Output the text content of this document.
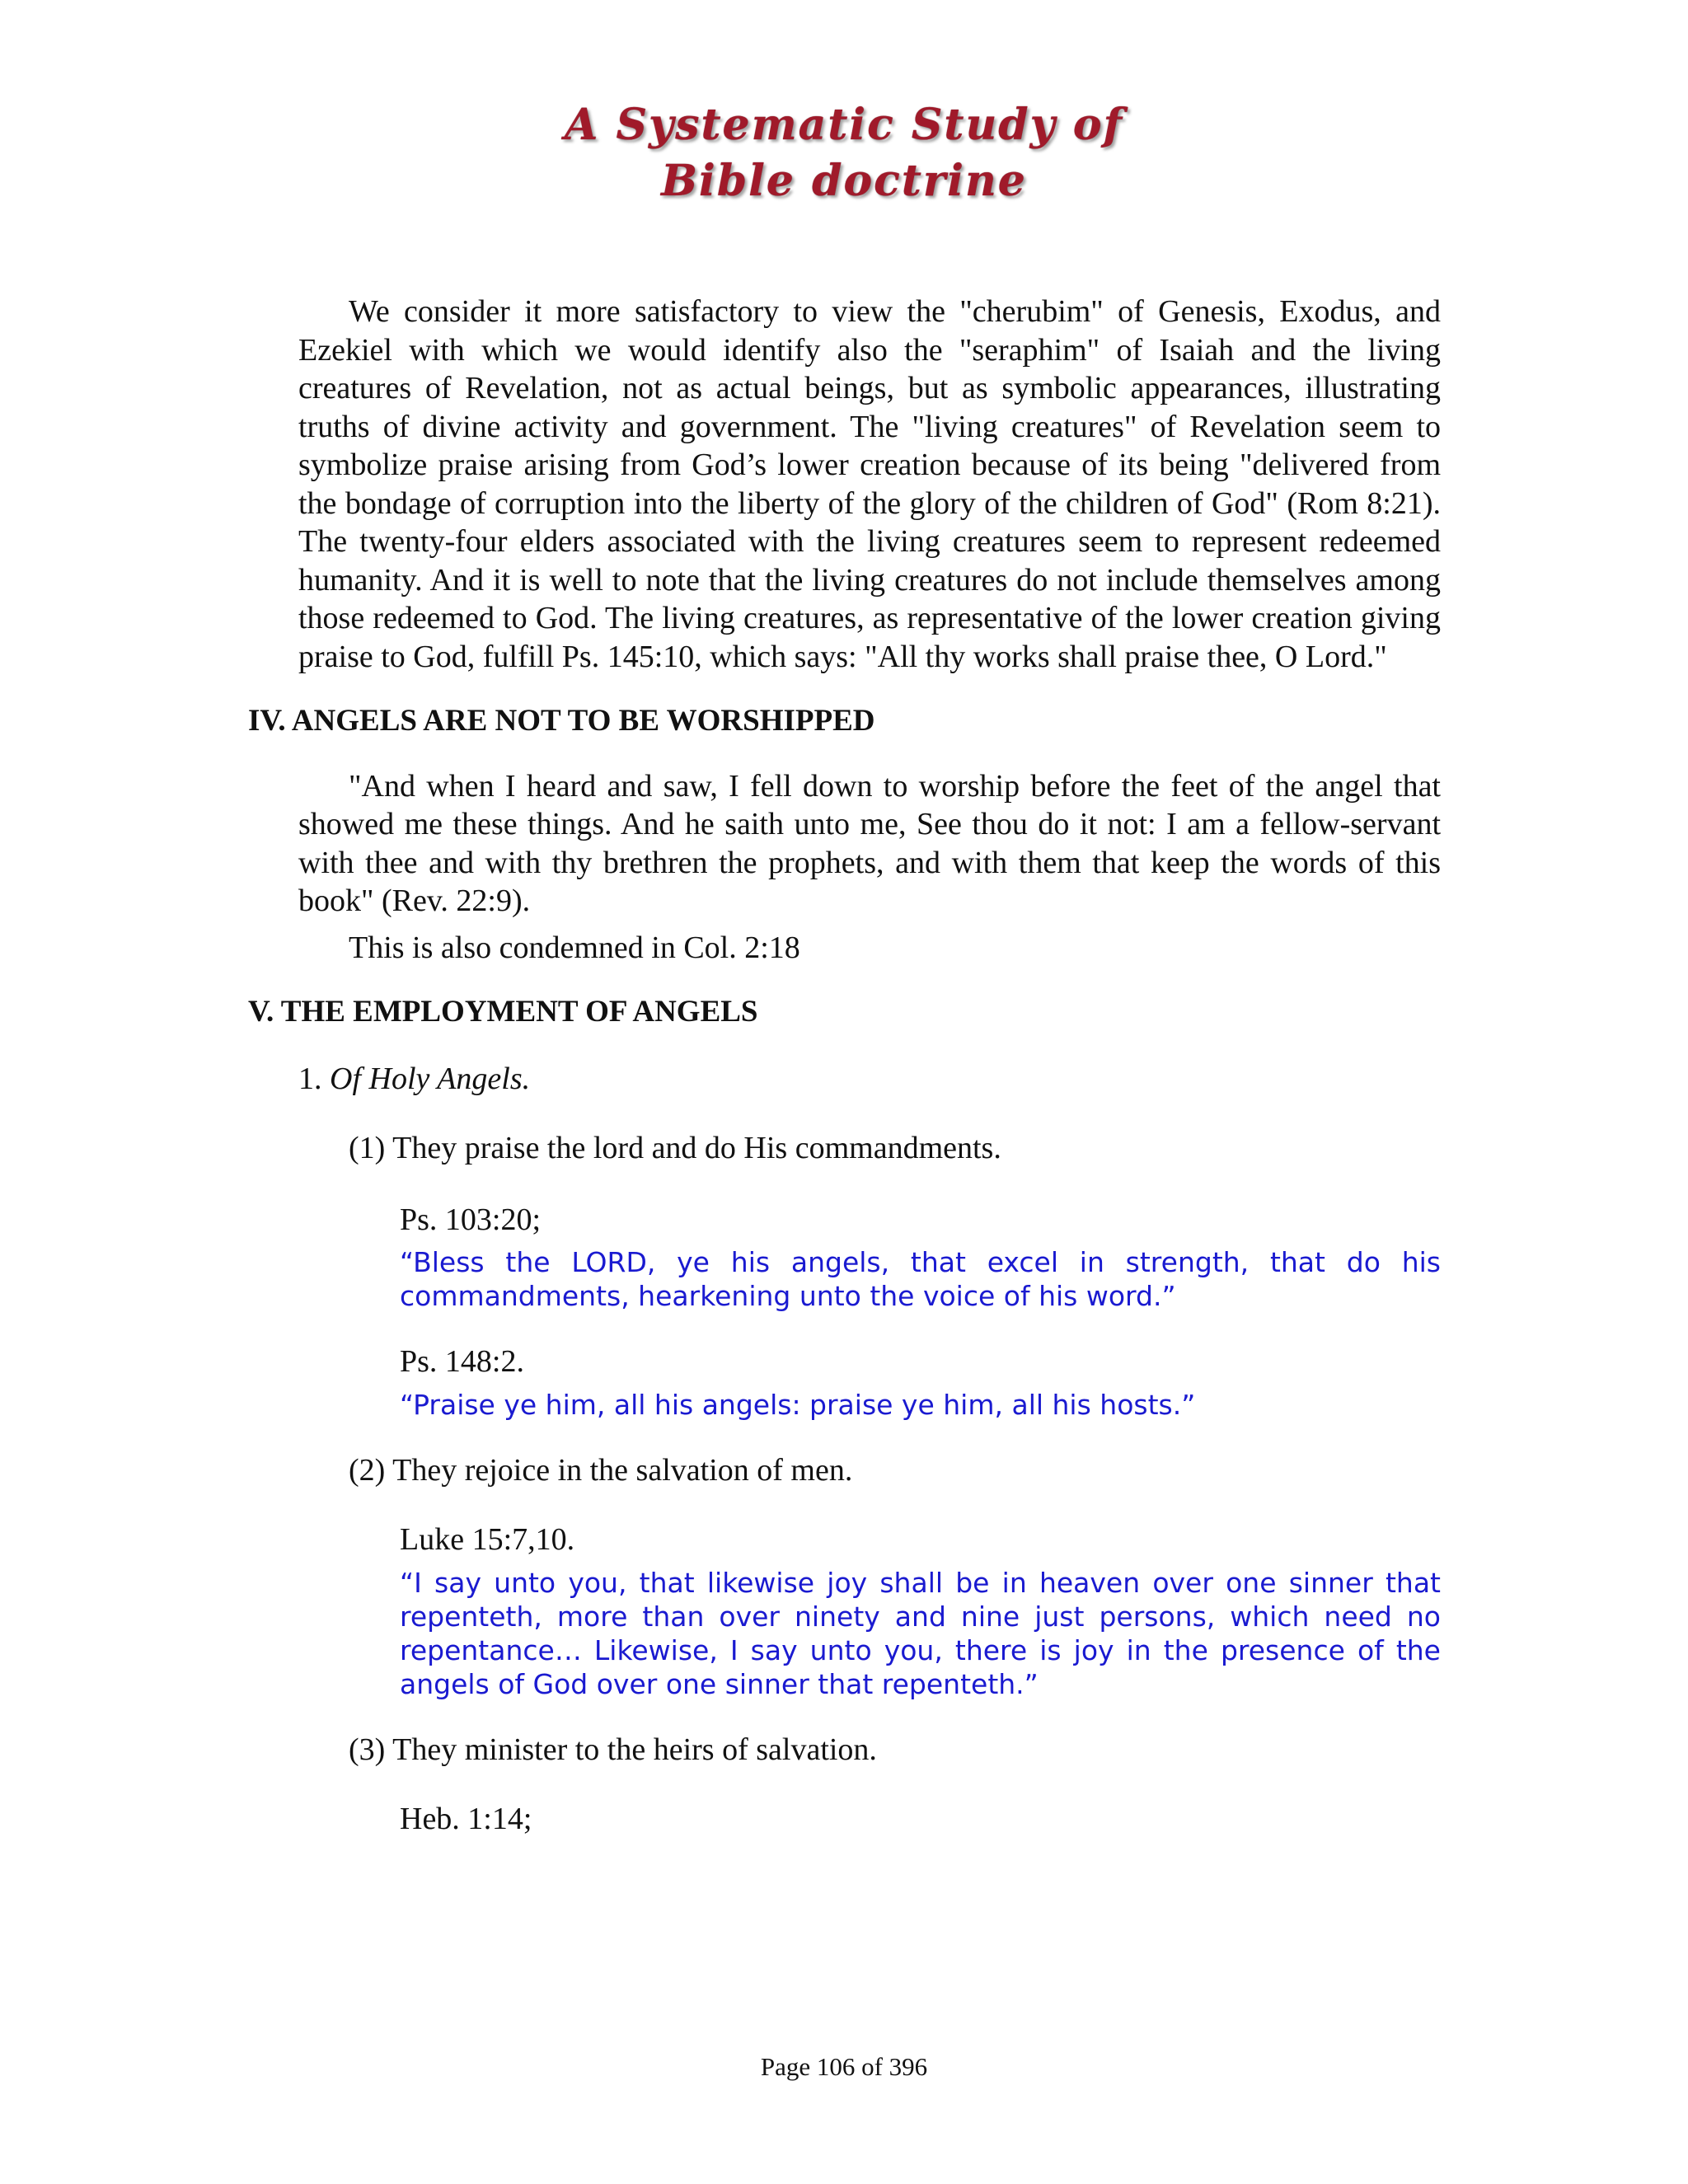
A Systematic Study of
Bible doctrine

We consider it more satisfactory to view the "cherubim" of Genesis, Exodus, and Ezekiel with which we would identify also the "seraphim" of Isaiah and the living creatures of Revelation, not as actual beings, but as symbolic appearances, illustrating truths of divine activity and government. The "living creatures" of Revelation seem to symbolize praise arising from God’s lower creation because of its being "delivered from the bondage of corruption into the liberty of the glory of the children of God" (Rom 8:21). The twenty-four elders associated with the living creatures seem to represent redeemed humanity. And it is well to note that the living creatures do not include themselves among those redeemed to God. The living creatures, as representative of the lower creation giving praise to God, fulfill Ps. 145:10, which says: "All thy works shall praise thee, O Lord."

IV. ANGELS ARE NOT TO BE WORSHIPPED

"And when I heard and saw, I fell down to worship before the feet of the angel that showed me these things. And he saith unto me, See thou do it not: I am a fellow-servant with thee and with thy brethren the prophets, and with them that keep the words of this book" (Rev. 22:9).

This is also condemned in Col. 2:18

V. THE EMPLOYMENT OF ANGELS

1. Of Holy Angels.

(1) They praise the lord and do His commandments.

Ps. 103:20;

“Bless the LORD, ye his angels, that excel in strength, that do his commandments, hearkening unto the voice of his word.”

Ps. 148:2.

“Praise ye him, all his angels: praise ye him, all his hosts.”

(2) They rejoice in the salvation of men.

Luke 15:7,10.

“I say unto you, that likewise joy shall be in heaven over one sinner that repenteth, more than over ninety and nine just persons, which need no repentance… Likewise, I say unto you, there is joy in the presence of the angels of God over one sinner that repenteth.”

(3) They minister to the heirs of salvation.

Heb. 1:14;

Page 106 of 396
